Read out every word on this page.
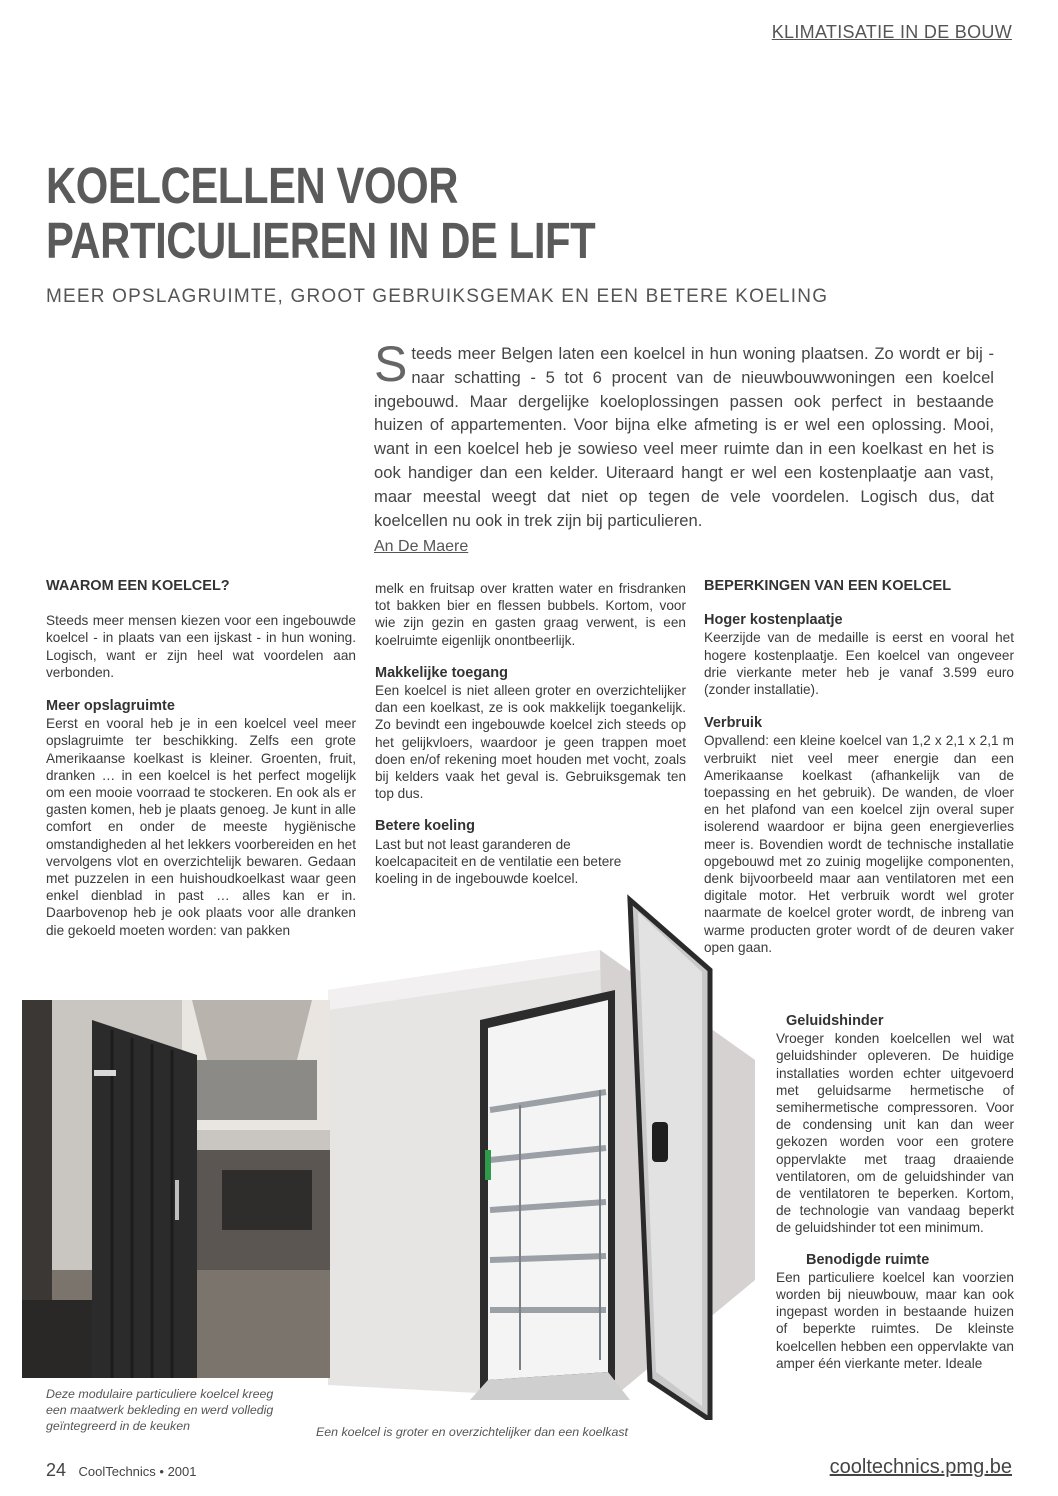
KLIMATISATIE IN DE BOUW
KOELCELLEN VOOR
PARTICULIEREN IN DE LIFT
MEER OPSLAGRUIMTE, GROOT GEBRUIKSGEMAK EN EEN BETERE KOELING
Steeds meer Belgen laten een koelcel in hun woning plaatsen. Zo wordt er bij - naar schatting - 5 tot 6 procent van de nieuwbouwwoningen een koelcel ingebouwd. Maar dergelijke koeloplossingen passen ook perfect in bestaande huizen of appartementen. Voor bijna elke afmeting is er wel een oplossing. Mooi, want in een koelcel heb je sowieso veel meer ruimte dan in een koelkast en het is ook handiger dan een kelder. Uiteraard hangt er wel een kostenplaatje aan vast, maar meestal weegt dat niet op tegen de vele voordelen. Logisch dus, dat koelcellen nu ook in trek zijn bij particulieren.
An De Maere
WAAROM EEN KOELCEL?

Steeds meer mensen kiezen voor een ingebouwde koelcel - in plaats van een ijskast - in hun woning. Logisch, want er zijn heel wat voordelen aan verbonden.

Meer opslagruimte

Eerst en vooral heb je in een koelcel veel meer opslagruimte ter beschikking. Zelfs een grote Amerikaanse koelkast is kleiner. Groenten, fruit, dranken … in een koelcel is het perfect mogelijk om een mooie voorraad te stockeren. En ook als er gasten komen, heb je plaats genoeg. Je kunt in alle comfort en onder de meeste hygiënische omstandigheden al het lekkers voorbereiden en het vervolgens vlot en overzichtelijk bewaren. Gedaan met puzzelen in een huishoudkoelkast waar geen enkel dienblad in past … alles kan er in. Daarbovenop heb je ook plaats voor alle dranken die gekoeld moeten worden: van pakken

melk en fruitsap over kratten water en frisdranken tot bakken bier en flessen bubbels. Kortom, voor wie zijn gezin en gasten graag verwent, is een koelruimte eigenlijk onontbeerlijk.

Makkelijke toegang

Een koelcel is niet alleen groter en overzichtelijker dan een koelkast, ze is ook makkelijk toegankelijk. Zo bevindt een ingebouwde koelcel zich steeds op het gelijkvloers, waardoor je geen trappen moet doen en/of rekening moet houden met vocht, zoals bij kelders vaak het geval is. Gebruiksgemak ten top dus.

Betere koeling

Last but not least garanderen de koelcapaciteit en de ventilatie een betere koeling in de ingebouwde koelcel.

BEPERKINGEN VAN EEN KOELCEL
Hoger kostenplaatje

Keerzijde van de medaille is eerst en vooral het hogere kostenplaatje. Een koelcel van ongeveer drie vierkante meter heb je vanaf 3.599 euro (zonder installatie).

Verbruik

Opvallend: een kleine koelcel van 1,2 x 2,1 x 2,1 m verbruikt niet veel meer energie dan een Amerikaanse koelkast (afhankelijk van de toepassing en het gebruik). De wanden, de vloer en het plafond van een koelcel zijn overal super isolerend waardoor er bijna geen energieverlies meer is. Bovendien wordt de technische installatie opgebouwd met zo zuinig mogelijke componenten, denk bijvoorbeeld maar aan ventilatoren met een digitale motor. Het verbruik wordt wel groter naarmate de koelcel groter wordt, de inbreng van warme producten groter wordt of de deuren vaker open gaan.

Geluidshinder

Vroeger konden koelcellen wel wat geluidshinder opleveren. De huidige installaties worden echter uitgevoerd met geluidsarme hermetische of semihermetische compressoren. Voor de condensing unit kan dan weer gekozen worden voor een grotere oppervlakte met traag draaiende ventilatoren, om de geluidshinder van de ventilatoren te beperken. Kortom, de technologie van vandaag beperkt de geluidshinder tot een minimum.

Benodigde ruimte

Een particuliere koelcel kan voorzien worden bij nieuwbouw, maar kan ook ingepast worden in bestaande huizen of beperkte ruimtes. De kleinste koelcellen hebben een oppervlakte van amper één vierkante meter. Ideale

Deze modulaire particuliere koelcel kreeg een maatwerk bekleding en werd volledig geïntegreerd in de keuken	Een koelcel is groter en overzichtelijker dan een koelkast
24 CoolTechnics • 2001	cooltechnics.pmg.be
